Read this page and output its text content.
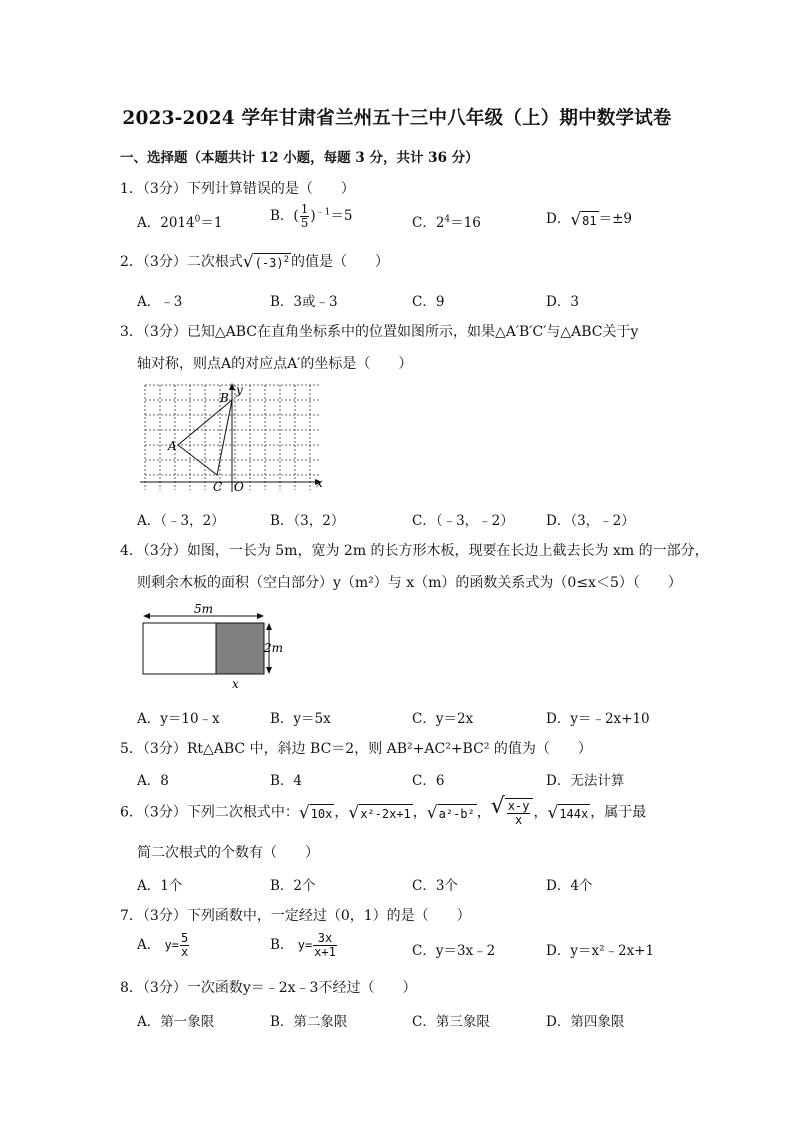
2023-2024 学年甘肃省兰州五十三中八年级（上）期中数学试卷
一、选择题（本题共计 12 小题，每题 3 分，共计 36 分）
1．（3分）下列计算错误的是（　　）
A．$2014^0=1$	B．( $\frac{1}{5} )^{﹣1}=5$	C．$2^4=16$	D． √ 81 ＝±9
2．（3分）二次根式 √ $(-3)^2$ 的值是（　　）
A．﹣3	B．3或﹣3	C．9	D．3
3．（3分）已知△ABC在直角坐标系中的位置如图所示，如果△A′B′C′与△ABC关于y
轴对称，则点A的对应点A′的坐标是（　　）
B
y
A
C O	x
A．（﹣3，2）	B．（3，2）	C．（﹣3，﹣2） D．（3，﹣2）
4．（3分）如图，一长为 5m，宽为 2m 的长方形木板，现要在长边上截去长为 xm 的一部分，
则剩余木板的面积（空白部分）y（m²）与 x（m）的函数关系式为（0≤x＜5）（　　）
5m
2m
x
A．y＝10﹣x	B．y＝5x	C．y＝2x	D．y＝﹣2x+10
5．（3分）Rt△ABC 中，斜边 BC＝2，则 AB²+AC²+BC² 的值为（　　）
A．8	B．4	C．6	D．无法计算
6．（3分）下列二次根式中： √ 10x ， √ x²-2x+1 ， √ a²-b² ， √ $\frac{x-y}{x}$ ， √ 144x ，属于最
简二次根式的个数有（　　）
A．1个	B．2个	C．3个	D．4个
7．（3分）下列函数中，一定经过（0，1）的是（　　）
A． $y= \frac{5}{x}$	B． $y= \frac{3x}{x+1}$	C．y＝3x﹣2	D．y＝x²﹣2x+1
8．（3分）一次函数y＝﹣2x﹣3不经过（　　）
A．第一象限	B．第二象限	C．第三象限	D．第四象限
